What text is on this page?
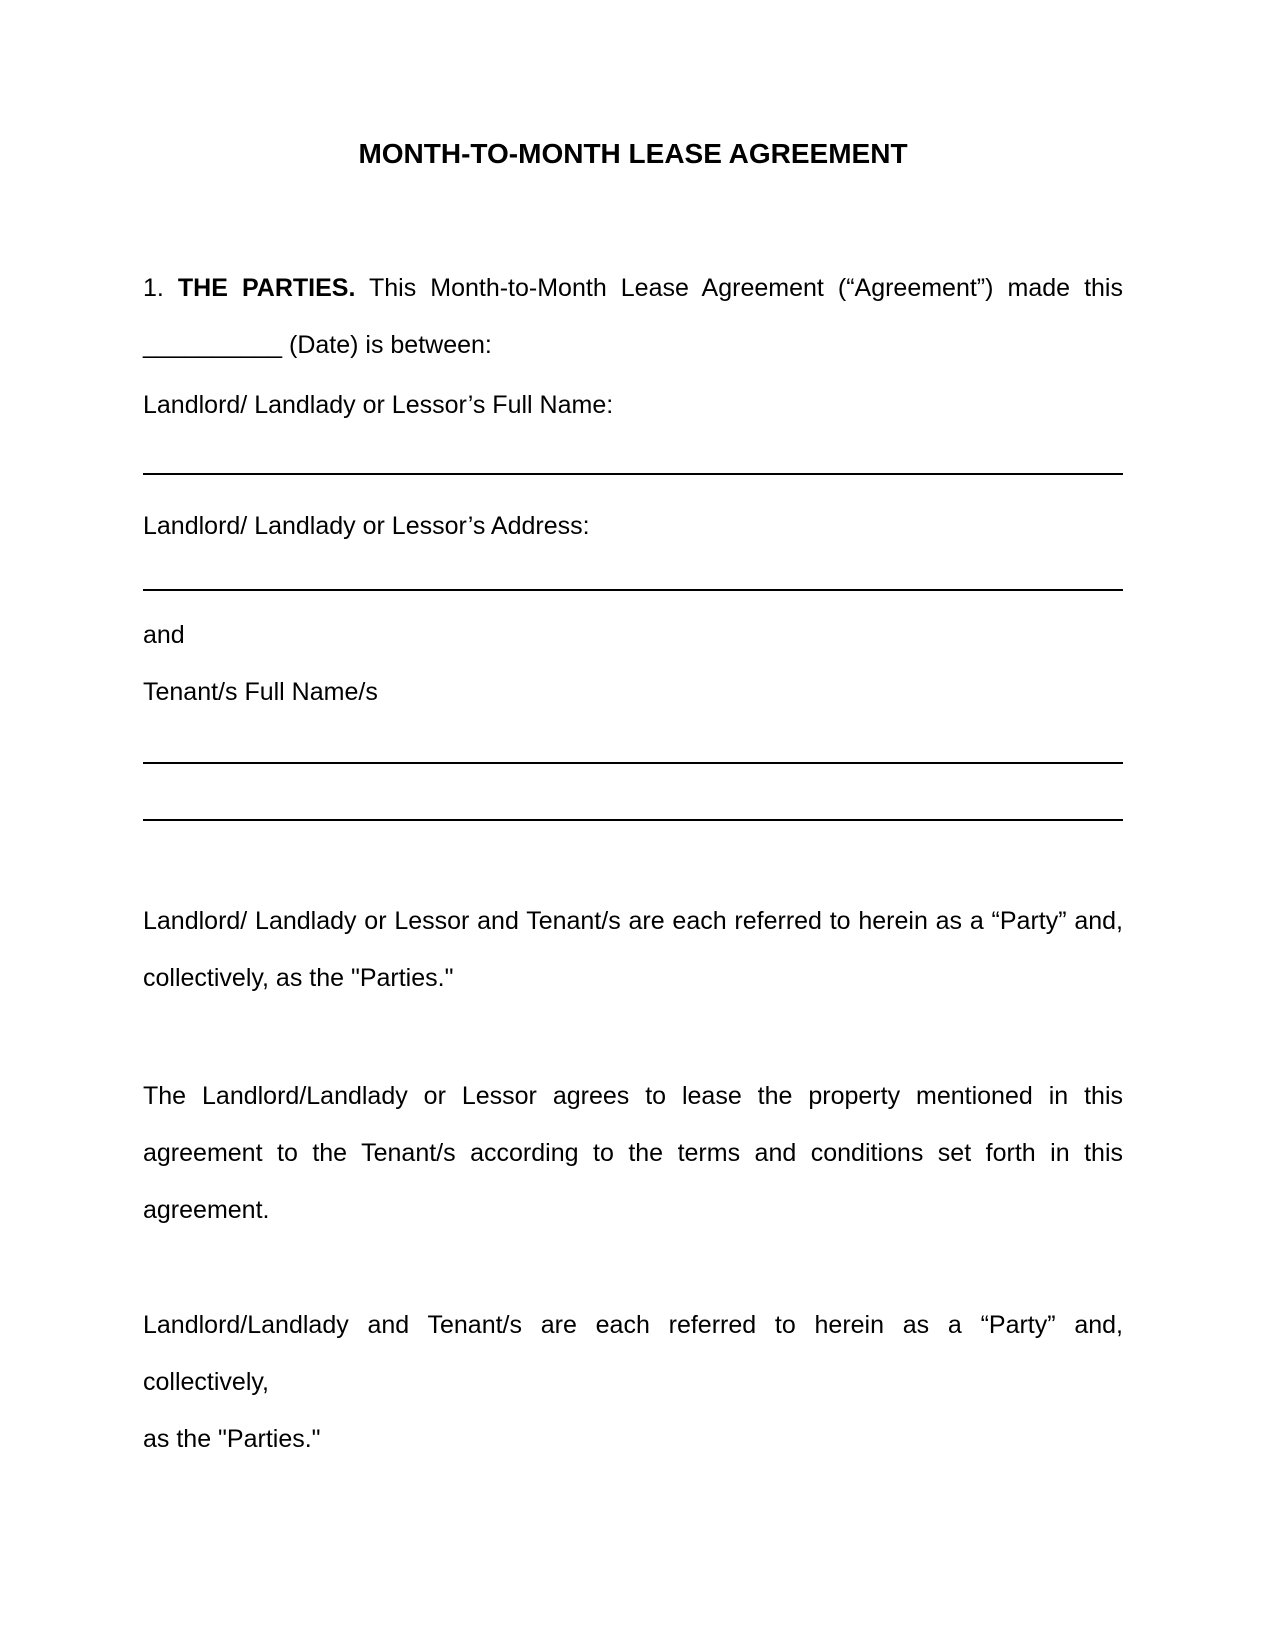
MONTH-TO-MONTH LEASE AGREEMENT
1. THE PARTIES. This Month-to-Month Lease Agreement (“Agreement”) made this
__________ (Date) is between:
Landlord/ Landlady or Lessor’s Full Name:
Landlord/ Landlady or Lessor’s Address:
and
Tenant/s Full Name/s
Landlord/ Landlady or Lessor and Tenant/s are each referred to herein as a “Party” and,
collectively, as the "Parties."
The Landlord/Landlady or Lessor agrees to lease the property mentioned in this
agreement to the Tenant/s according to the terms and conditions set forth in this
agreement.
Landlord/Landlady and Tenant/s are each referred to herein as a “Party” and, collectively,
as the "Parties."
